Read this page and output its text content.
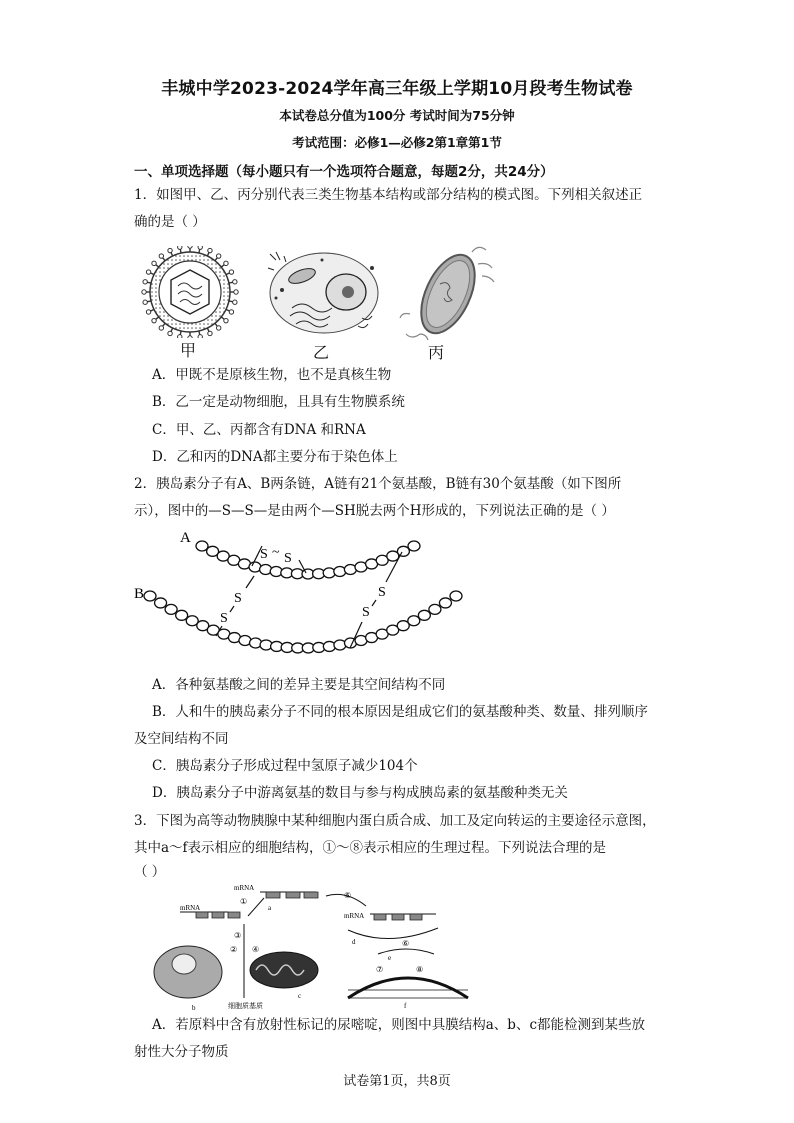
丰城中学2023-2024学年高三年级上学期10月段考生物试卷
本试卷总分值为100分 考试时间为75分钟
考试范围：必修1—必修2第1章第1节
一、单项选择题（每小题只有一个选项符合题意，每题2分，共24分）
1．如图甲、乙、丙分别代表三类生物基本结构或部分结构的模式图。下列相关叙述正
确的是（ ）
甲	乙	丙
A．甲既不是原核生物，也不是真核生物
B．乙一定是动物细胞，且具有生物膜系统
C．甲、乙、丙都含有DNA 和RNA
D．乙和丙的DNA都主要分布于染色体上
2．胰岛素分子有A、B两条链，A链有21个氨基酸，B链有30个氨基酸（如下图所
示），图中的—S—S—是由两个—SH脱去两个H形成的，下列说法正确的是（ ）
A
B
S ~ S
S
S
S
S
A．各种氨基酸之间的差异主要是其空间结构不同
B．人和牛的胰岛素分子不同的根本原因是组成它们的氨基酸种类、数量、排列顺序
及空间结构不同
C．胰岛素分子形成过程中氢原子减少104个
D．胰岛素分子中游离氨基的数目与参与构成胰岛素的氨基酸种类无关
3．下图为高等动物胰腺中某种细胞内蛋白质合成、加工及定向转运的主要途径示意图，
其中a～f表示相应的细胞结构，①～⑧表示相应的生理过程。下列说法合理的是
（ ）
mRNA
a
①
mRNA
②
③
④
细胞质基质
b
c
⑤
mRNA
d	⑥
e
⑦	⑧
f
A．若原料中含有放射性标记的尿嘧啶，则图中具膜结构a、b、c都能检测到某些放
射性大分子物质
试卷第1页，共8页
